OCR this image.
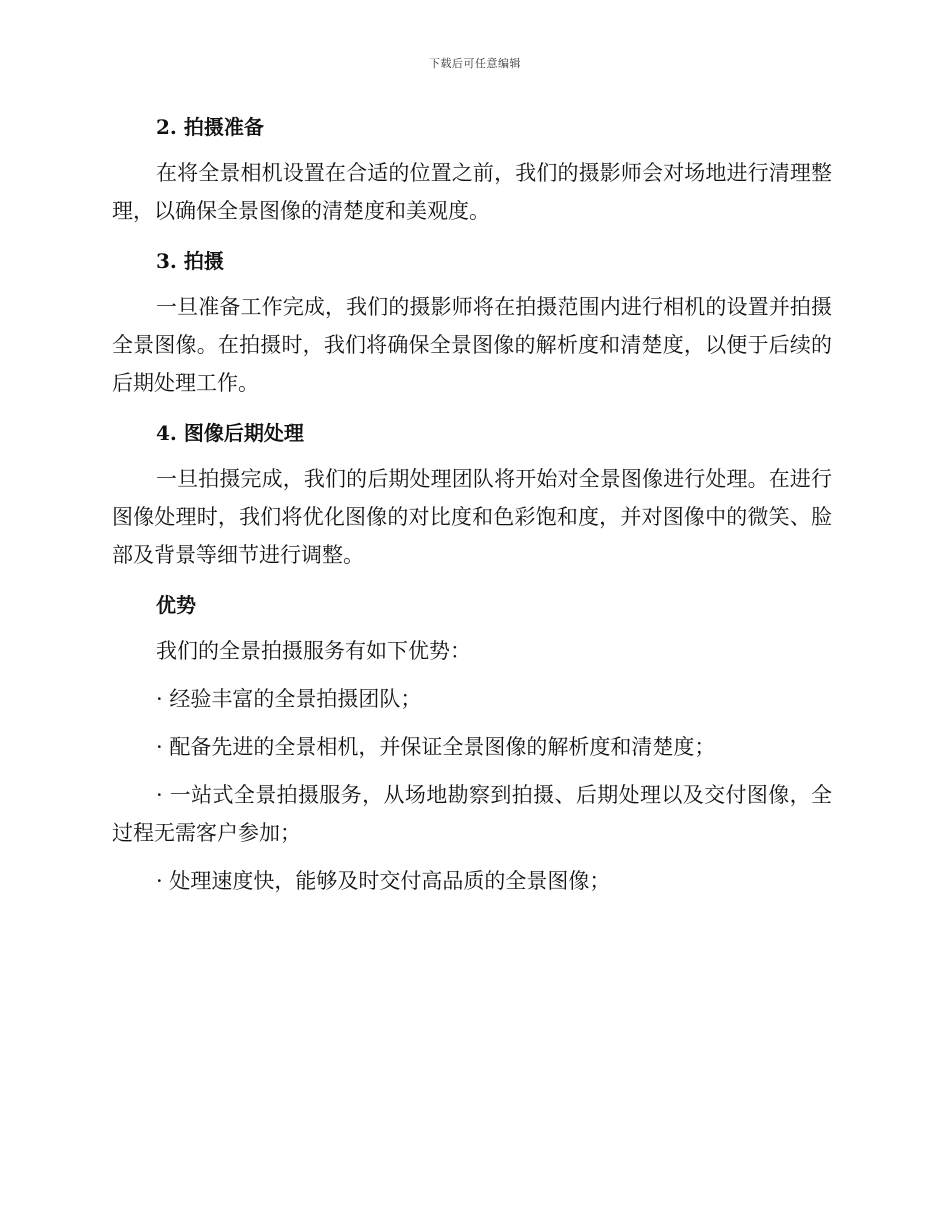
下载后可任意编辑
2. 拍摄准备

在将全景相机设置在合适的位置之前，我们的摄影师会对场地进行清理整理，以确保全景图像的清楚度和美观度。

3. 拍摄

一旦准备工作完成，我们的摄影师将在拍摄范围内进行相机的设置并拍摄全景图像。在拍摄时，我们将确保全景图像的解析度和清楚度，以便于后续的后期处理工作。

4. 图像后期处理

一旦拍摄完成，我们的后期处理团队将开始对全景图像进行处理。在进行图像处理时，我们将优化图像的对比度和色彩饱和度，并对图像中的微笑、脸部及背景等细节进行调整。

优势

我们的全景拍摄服务有如下优势：

· 经验丰富的全景拍摄团队；

· 配备先进的全景相机，并保证全景图像的解析度和清楚度；

· 一站式全景拍摄服务，从场地勘察到拍摄、后期处理以及交付图像，全过程无需客户参加；

· 处理速度快，能够及时交付高品质的全景图像；
